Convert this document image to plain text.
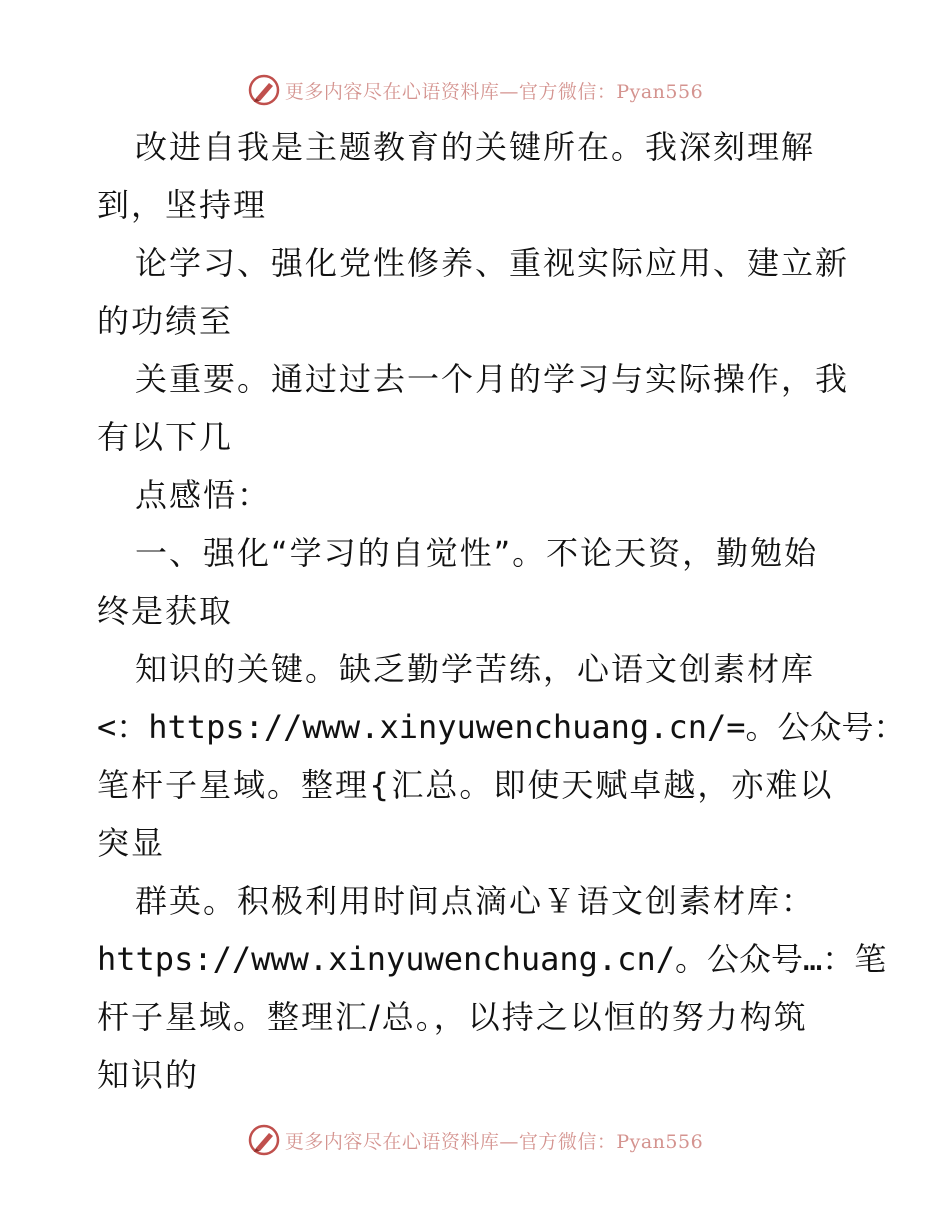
更多内容尽在心语资料库—官方微信：Pyan556
改进自我是主题教育的关键所在。我深刻理解
到，坚持理
论学习、强化党性修养、重视实际应用、建立新
的功绩至
关重要。通过过去一个月的学习与实际操作，我
有以下几
点感悟：
一、强化“学习的自觉性”。不论天资，勤勉始
终是获取
知识的关键。缺乏勤学苦练，心语文创素材库
<：https://www.xinyuwenchuang.cn/=。公众号：
笔杆子星域。整理{汇总。即使天赋卓越，亦难以
突显
群英。积极利用时间点滴心￥语文创素材库：
https://www.xinyuwenchuang.cn/。公众号…：笔
杆子星域。整理汇/总。，以持之以恒的努力构筑
知识的
更多内容尽在心语资料库—官方微信：Pyan556
